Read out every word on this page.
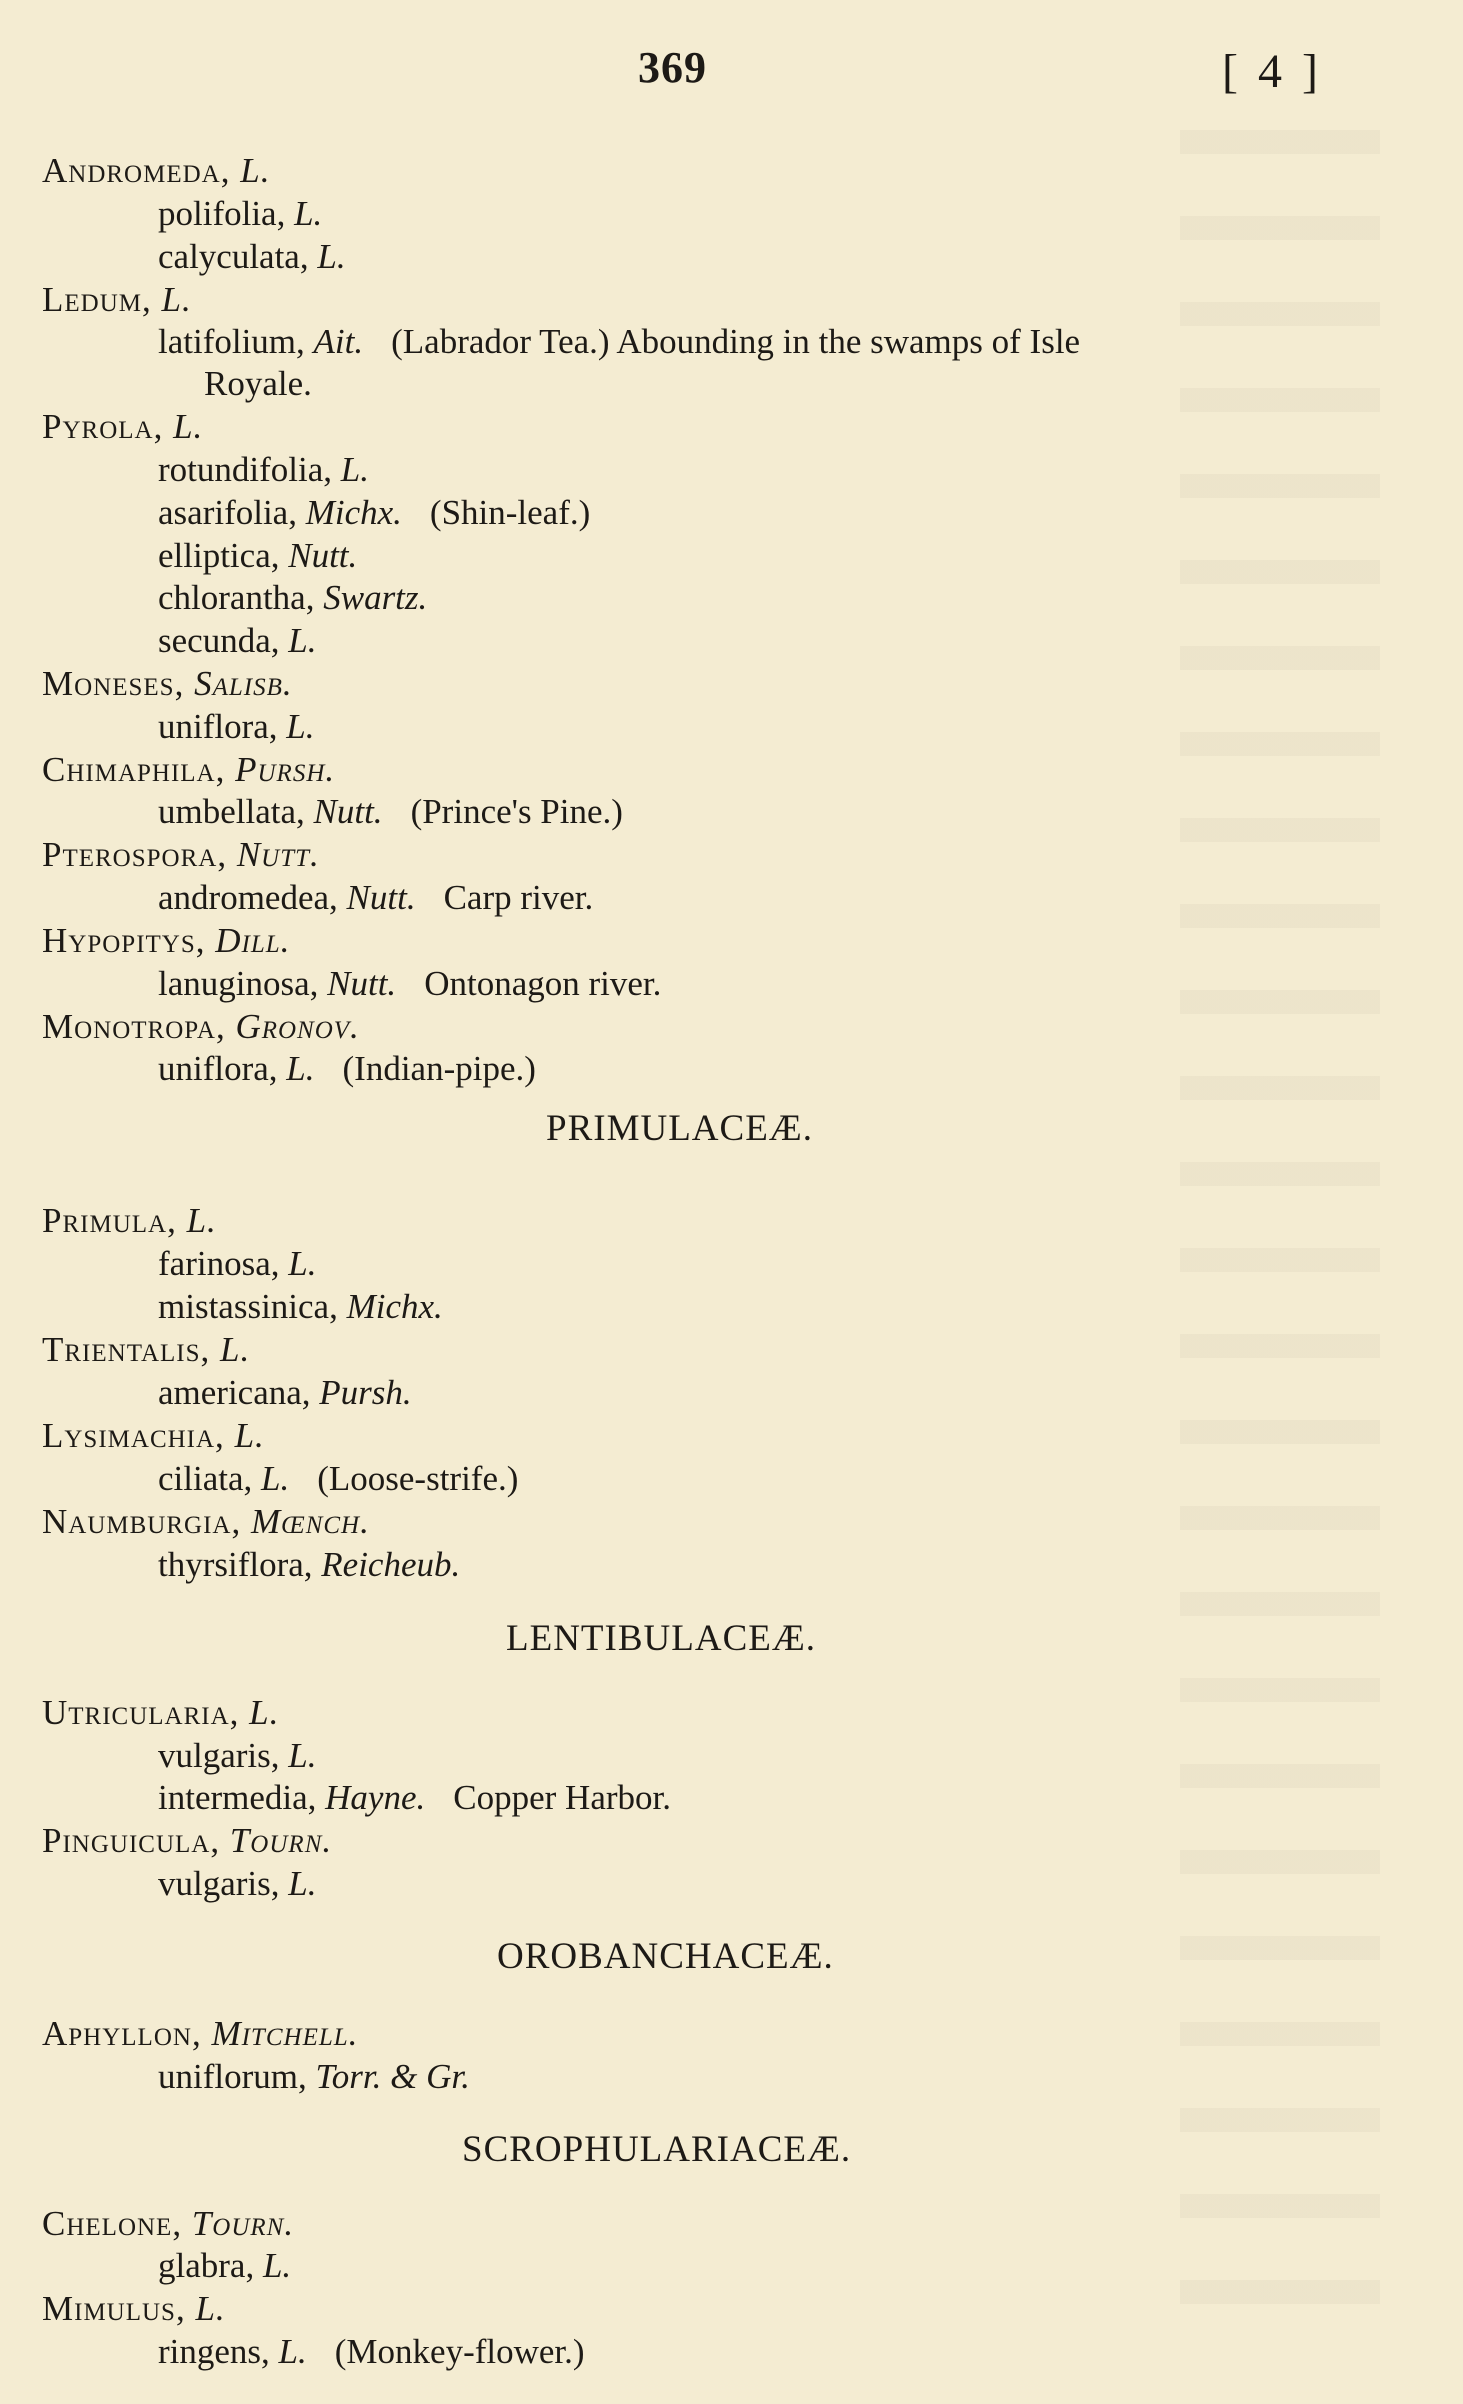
369	[ 4 ]
Andromeda, L.
polifolia, L.
calyculata, L.
Ledum, L.
latifolium, Ait. (Labrador Tea.) Abounding in the swamps of Isle
Royale.
Pyrola, L.
rotundifolia, L.
asarifolia, Michx. (Shin-leaf.)
elliptica, Nutt.
chlorantha, Swartz.
secunda, L.
Moneses, Salisb.
uniflora, L.
Chimaphila, Pursh.
umbellata, Nutt. (Prince's Pine.)
Pterospora, Nutt.
andromedea, Nutt. Carp river.
Hypopitys, Dill.
lanuginosa, Nutt. Ontonagon river.
Monotropa, Gronov.
uniflora, L. (Indian-pipe.)
PRIMULACEÆ.
Primula, L.
farinosa, L.
mistassinica, Michx.
Trientalis, L.
americana, Pursh.
Lysimachia, L.
ciliata, L. (Loose-strife.)
Naumburgia, Mœnch.
thyrsiflora, Reicheub.
LENTIBULACEÆ.
Utricularia, L.
vulgaris, L.
intermedia, Hayne. Copper Harbor.
Pinguicula, Tourn.
vulgaris, L.
OROBANCHACEÆ.
Aphyllon, Mitchell.
uniflorum, Torr. & Gr.
SCROPHULARIACEÆ.
Chelone, Tourn.
glabra, L.
Mimulus, L.
ringens, L. (Monkey-flower.)
